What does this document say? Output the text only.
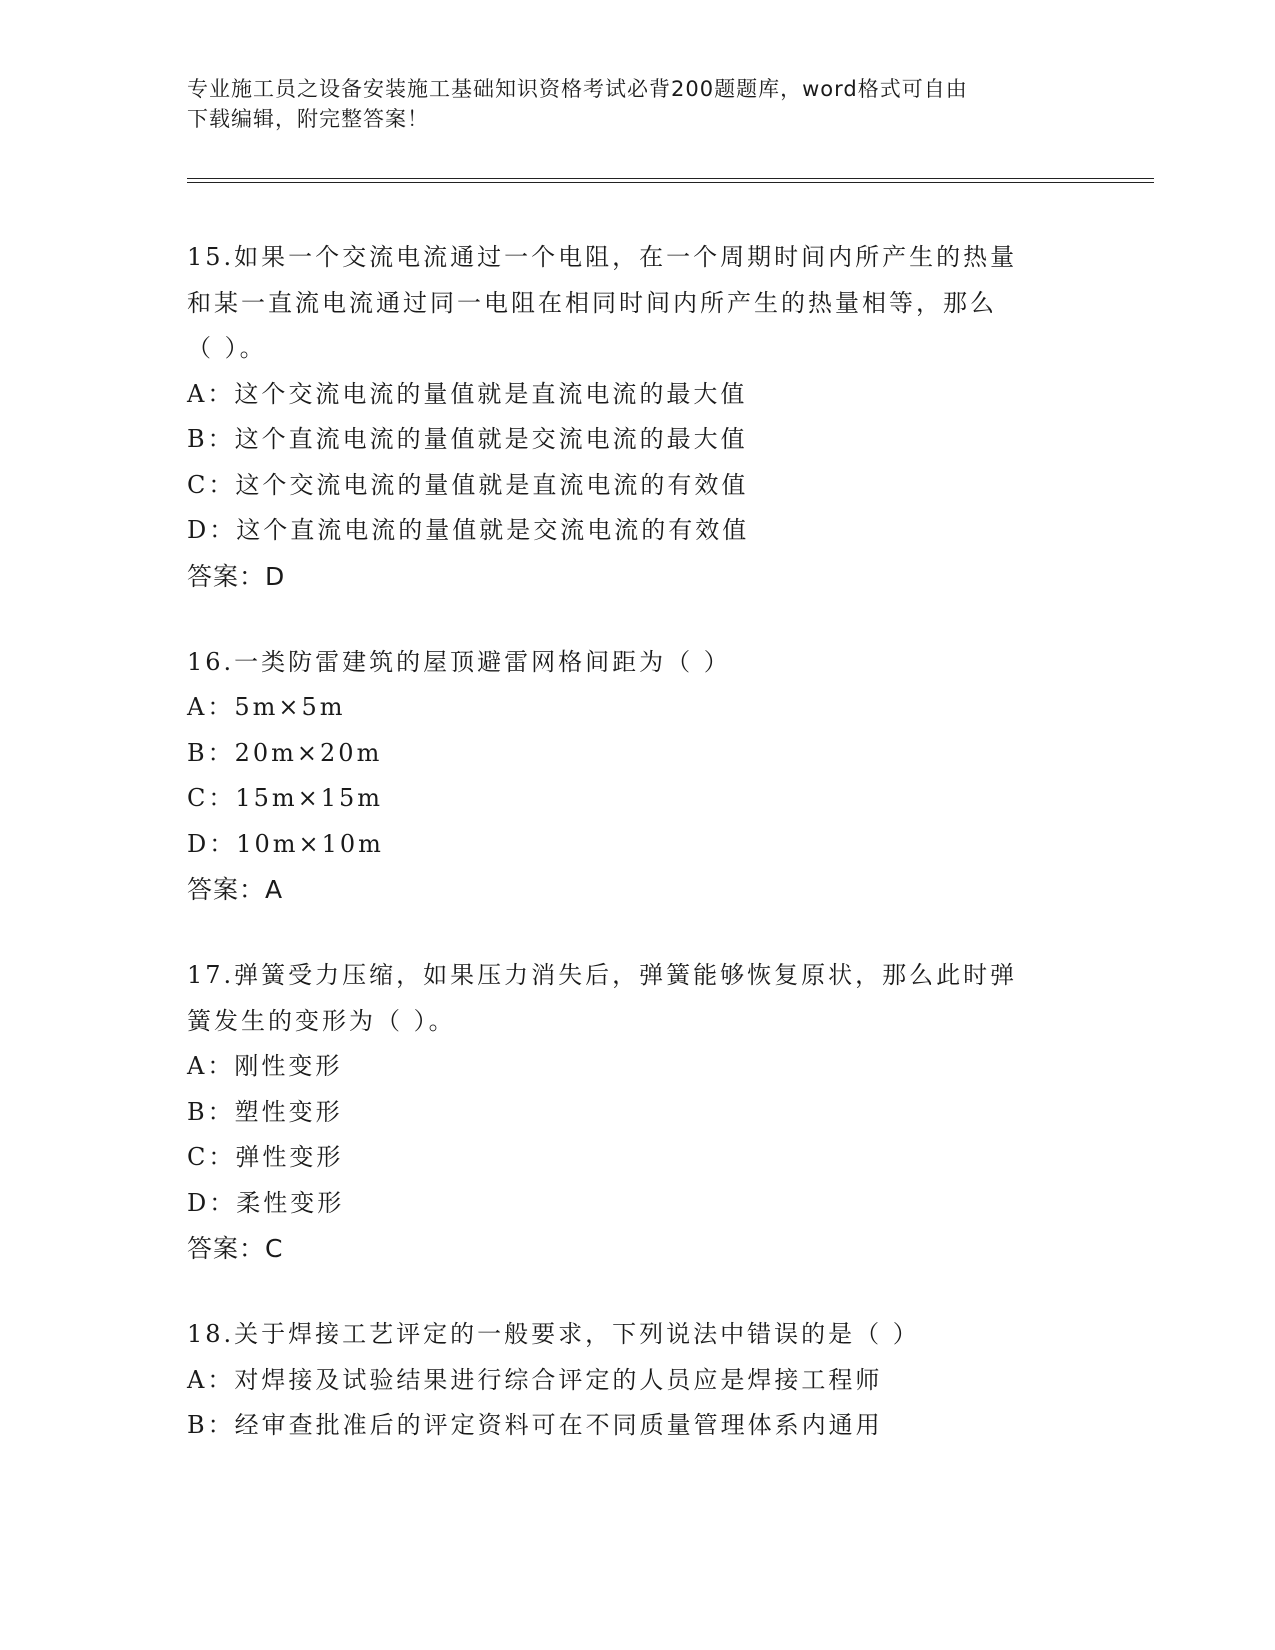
专业施工员之设备安装施工基础知识资格考试必背200题题库，word格式可自由
下载编辑，附完整答案！
15.如果一个交流电流通过一个电阻，在一个周期时间内所产生的热量
和某一直流电流通过同一电阻在相同时间内所产生的热量相等，那么
（ ）。
A：这个交流电流的量值就是直流电流的最大值
B：这个直流电流的量值就是交流电流的最大值
C：这个交流电流的量值就是直流电流的有效值
D：这个直流电流的量值就是交流电流的有效值
答案：D
16.一类防雷建筑的屋顶避雷网格间距为（ ）
A：5m×5m
B：20m×20m
C：15m×15m
D：10m×10m
答案：A
17.弹簧受力压缩，如果压力消失后，弹簧能够恢复原状，那么此时弹
簧发生的变形为（ ）。
A：刚性变形
B：塑性变形
C：弹性变形
D：柔性变形
答案：C
18.关于焊接工艺评定的一般要求，下列说法中错误的是（ ）
A：对焊接及试验结果进行综合评定的人员应是焊接工程师
B：经审查批准后的评定资料可在不同质量管理体系内通用
